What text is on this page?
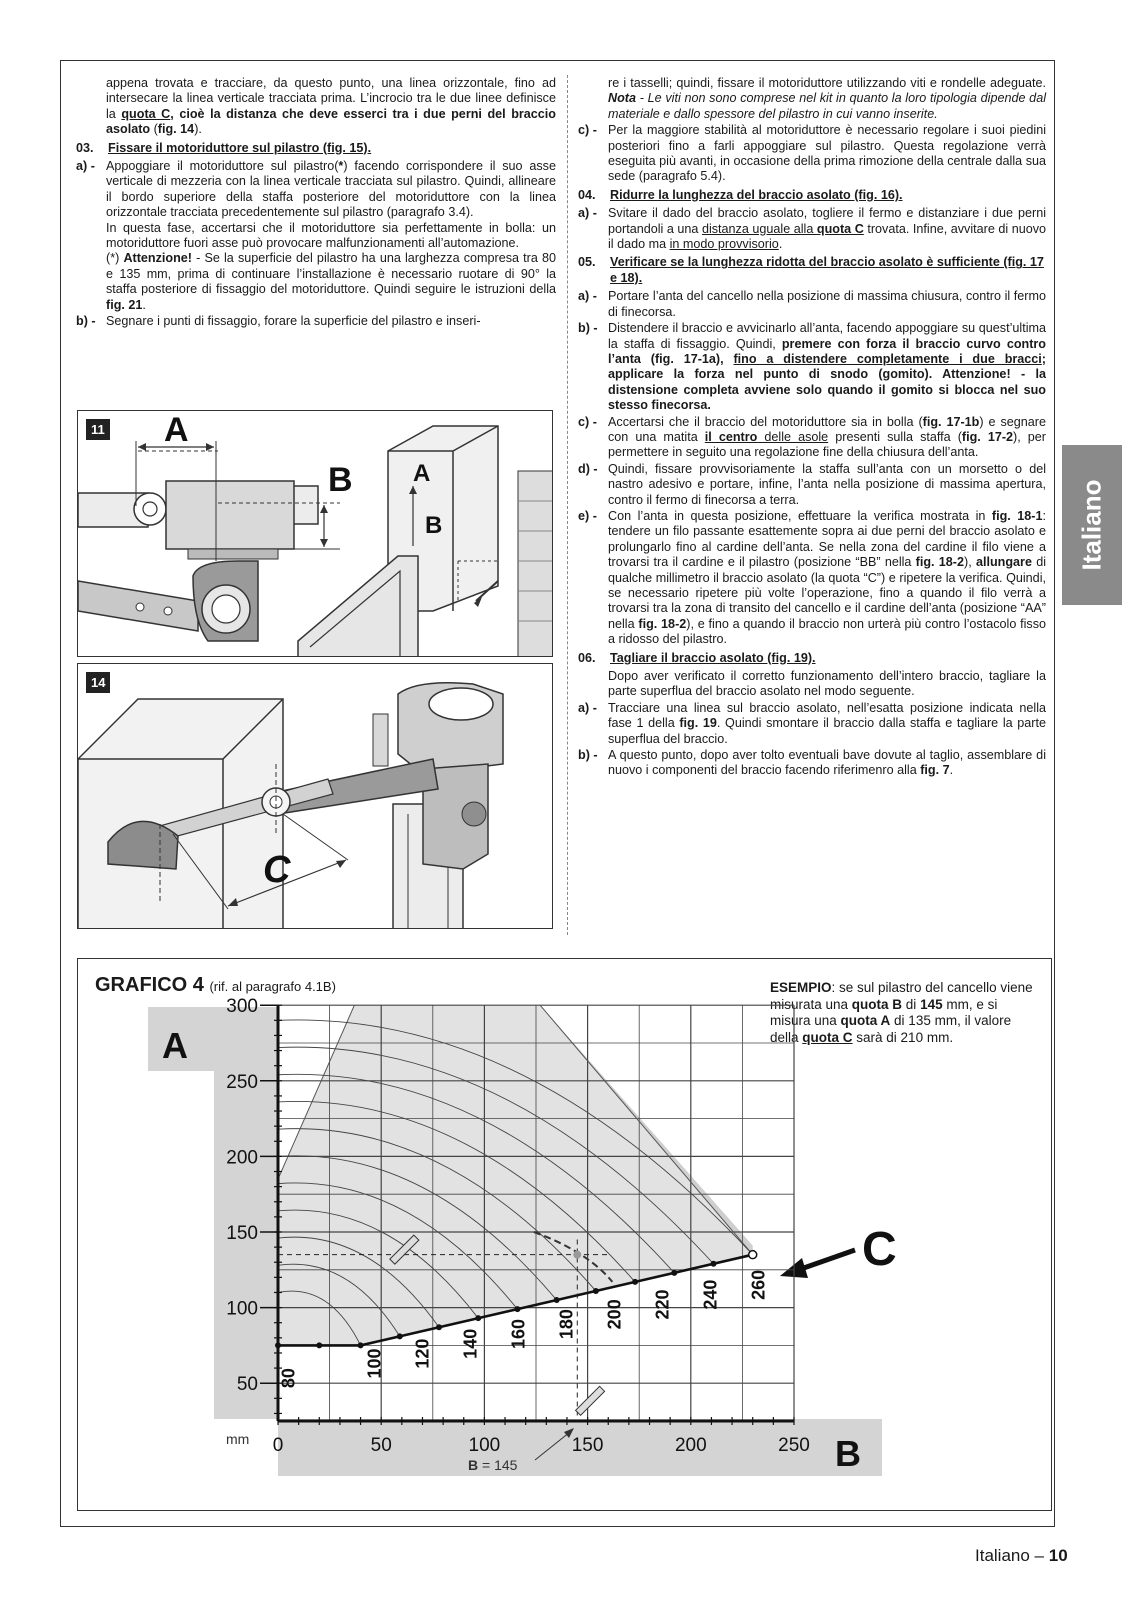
appena trovata e tracciare, da questo punto, una linea orizzontale, fino ad intersecare la linea verticale tracciata prima. L’incrocio tra le due linee definisce la quota C, cioè la distanza che deve esserci tra i due perni del braccio asolato (fig. 14).

03.	Fissare il motoriduttore sul pilastro (fig. 15).
a) - Appoggiare il motoriduttore sul pilastro(*) facendo corrispondere il suo asse verticale di mezzeria con la linea verticale tracciata sul pilastro. Quindi, allineare il bordo superiore della staffa posteriore del motoriduttore con la linea orizzontale tracciata precedentemente sul pilastro (paragrafo 3.4).
In questa fase, accertarsi che il motoriduttore sia perfettamente in bolla: un motoriduttore fuori asse può provocare malfunzionamenti all’automazione.
(*) Attenzione! - Se la superficie del pilastro ha una larghezza compresa tra 80 e 135 mm, prima di continuare l’installazione è necessario ruotare di 90° la staffa posteriore di fissaggio del motoriduttore. Quindi seguire le istruzioni della fig. 21.
b) - Segnare i punti di fissaggio, forare la superficie del pilastro e inseri-

re i tasselli; quindi, fissare il motoriduttore utilizzando viti e rondelle adeguate. Nota - Le viti non sono comprese nel kit in quanto la loro tipologia dipende dal materiale e dallo spessore del pilastro in cui vanno inserite.

c) - Per la maggiore stabilità al motoriduttore è necessario regolare i suoi piedini posteriori fino a farli appoggiare sul pilastro. Questa regolazione verrà eseguita più avanti, in occasione della prima rimozione della centrale dalla sua sede (paragrafo 5.4).
04.	Ridurre la lunghezza del braccio asolato (fig. 16).
a) - Svitare il dado del braccio asolato, togliere il fermo e distanziare i due perni portandoli a una distanza uguale alla quota C trovata. Infine, avvitare di nuovo il dado ma in modo provvisorio.
05.	Verificare se la lunghezza ridotta del braccio asolato è sufficiente (fig. 17 e 18).
a) - Portare l’anta del cancello nella posizione di massima chiusura, contro il fermo di finecorsa.
b) - Distendere il braccio e avvicinarlo all’anta, facendo appoggiare su quest’ultima la staffa di fissaggio. Quindi, premere con forza il braccio curvo contro l’anta (fig. 17-1a), fino a distendere completamente i due bracci; applicare la forza nel punto di snodo (gomito). Attenzione! - la distensione completa avviene solo quando il gomito si blocca nel suo stesso finecorsa.
c) - Accertarsi che il braccio del motoriduttore sia in bolla (fig. 17-1b) e segnare con una matita il centro delle asole presenti sulla staffa (fig. 17-2), per permettere in seguito una regolazione fine della chiusura dell’anta.
d) - Quindi, fissare provvisoriamente la staffa sull’anta con un morsetto o del nastro adesivo e portare, infine, l’anta nella posizione di massima apertura, contro il fermo di finecorsa a terra.
e) - Con l’anta in questa posizione, effettuare la verifica mostrata in fig. 18-1: tendere un filo passante esattemente sopra ai due perni del braccio asolato e prolungarlo fino al cardine dell’anta. Se nella zona del cardine il filo viene a trovarsi tra il cardine e il pilastro (posizione “BB” nella fig. 18-2), allungare di qualche millimetro il braccio asolato (la quota “C”) e ripetere la verifica. Quindi, se necessario ripetere più volte l’operazione, fino a quando il filo verrà a trovarsi tra la zona di transito del cancello e il cardine dell’anta (posizione “AA” nella fig. 18-2), e fino a quando il braccio non urterà più contro l’ostacolo fisso a ridosso del pilastro.
06.	Tagliare il braccio asolato (fig. 19).

Dopo aver verificato il corretto funzionamento dell’intero braccio, tagliare la parte superflua del braccio asolato nel modo seguente.

a) - Tracciare una linea sul braccio asolato, nell’esatta posizione indicata nella fase 1 della fig. 19. Quindi smontare il braccio dalla staffa e tagliare la parte superflua del braccio.
b) - A questo punto, dopo aver tolto eventuali bave dovute al taglio, assemblare di nuovo i componenti del braccio facendo riferimenro alla fig. 7.
A
B	A
B
11
C
14
Italiano
GRAFICO 4 (rif. al paragrafo 4.1B)	ESEMPIO: se sul pilastro del cancello viene misurata una quota B di 145 mm, e si misura una quota A di 135 mm, il valore della quota C sarà di 210 mm.
A
B
C
mm
50
100
150
200
250
300
0	50	100	150	200	250
80	100 120 140 160 180 200 220 240 260
B = 145
Italiano – 10
